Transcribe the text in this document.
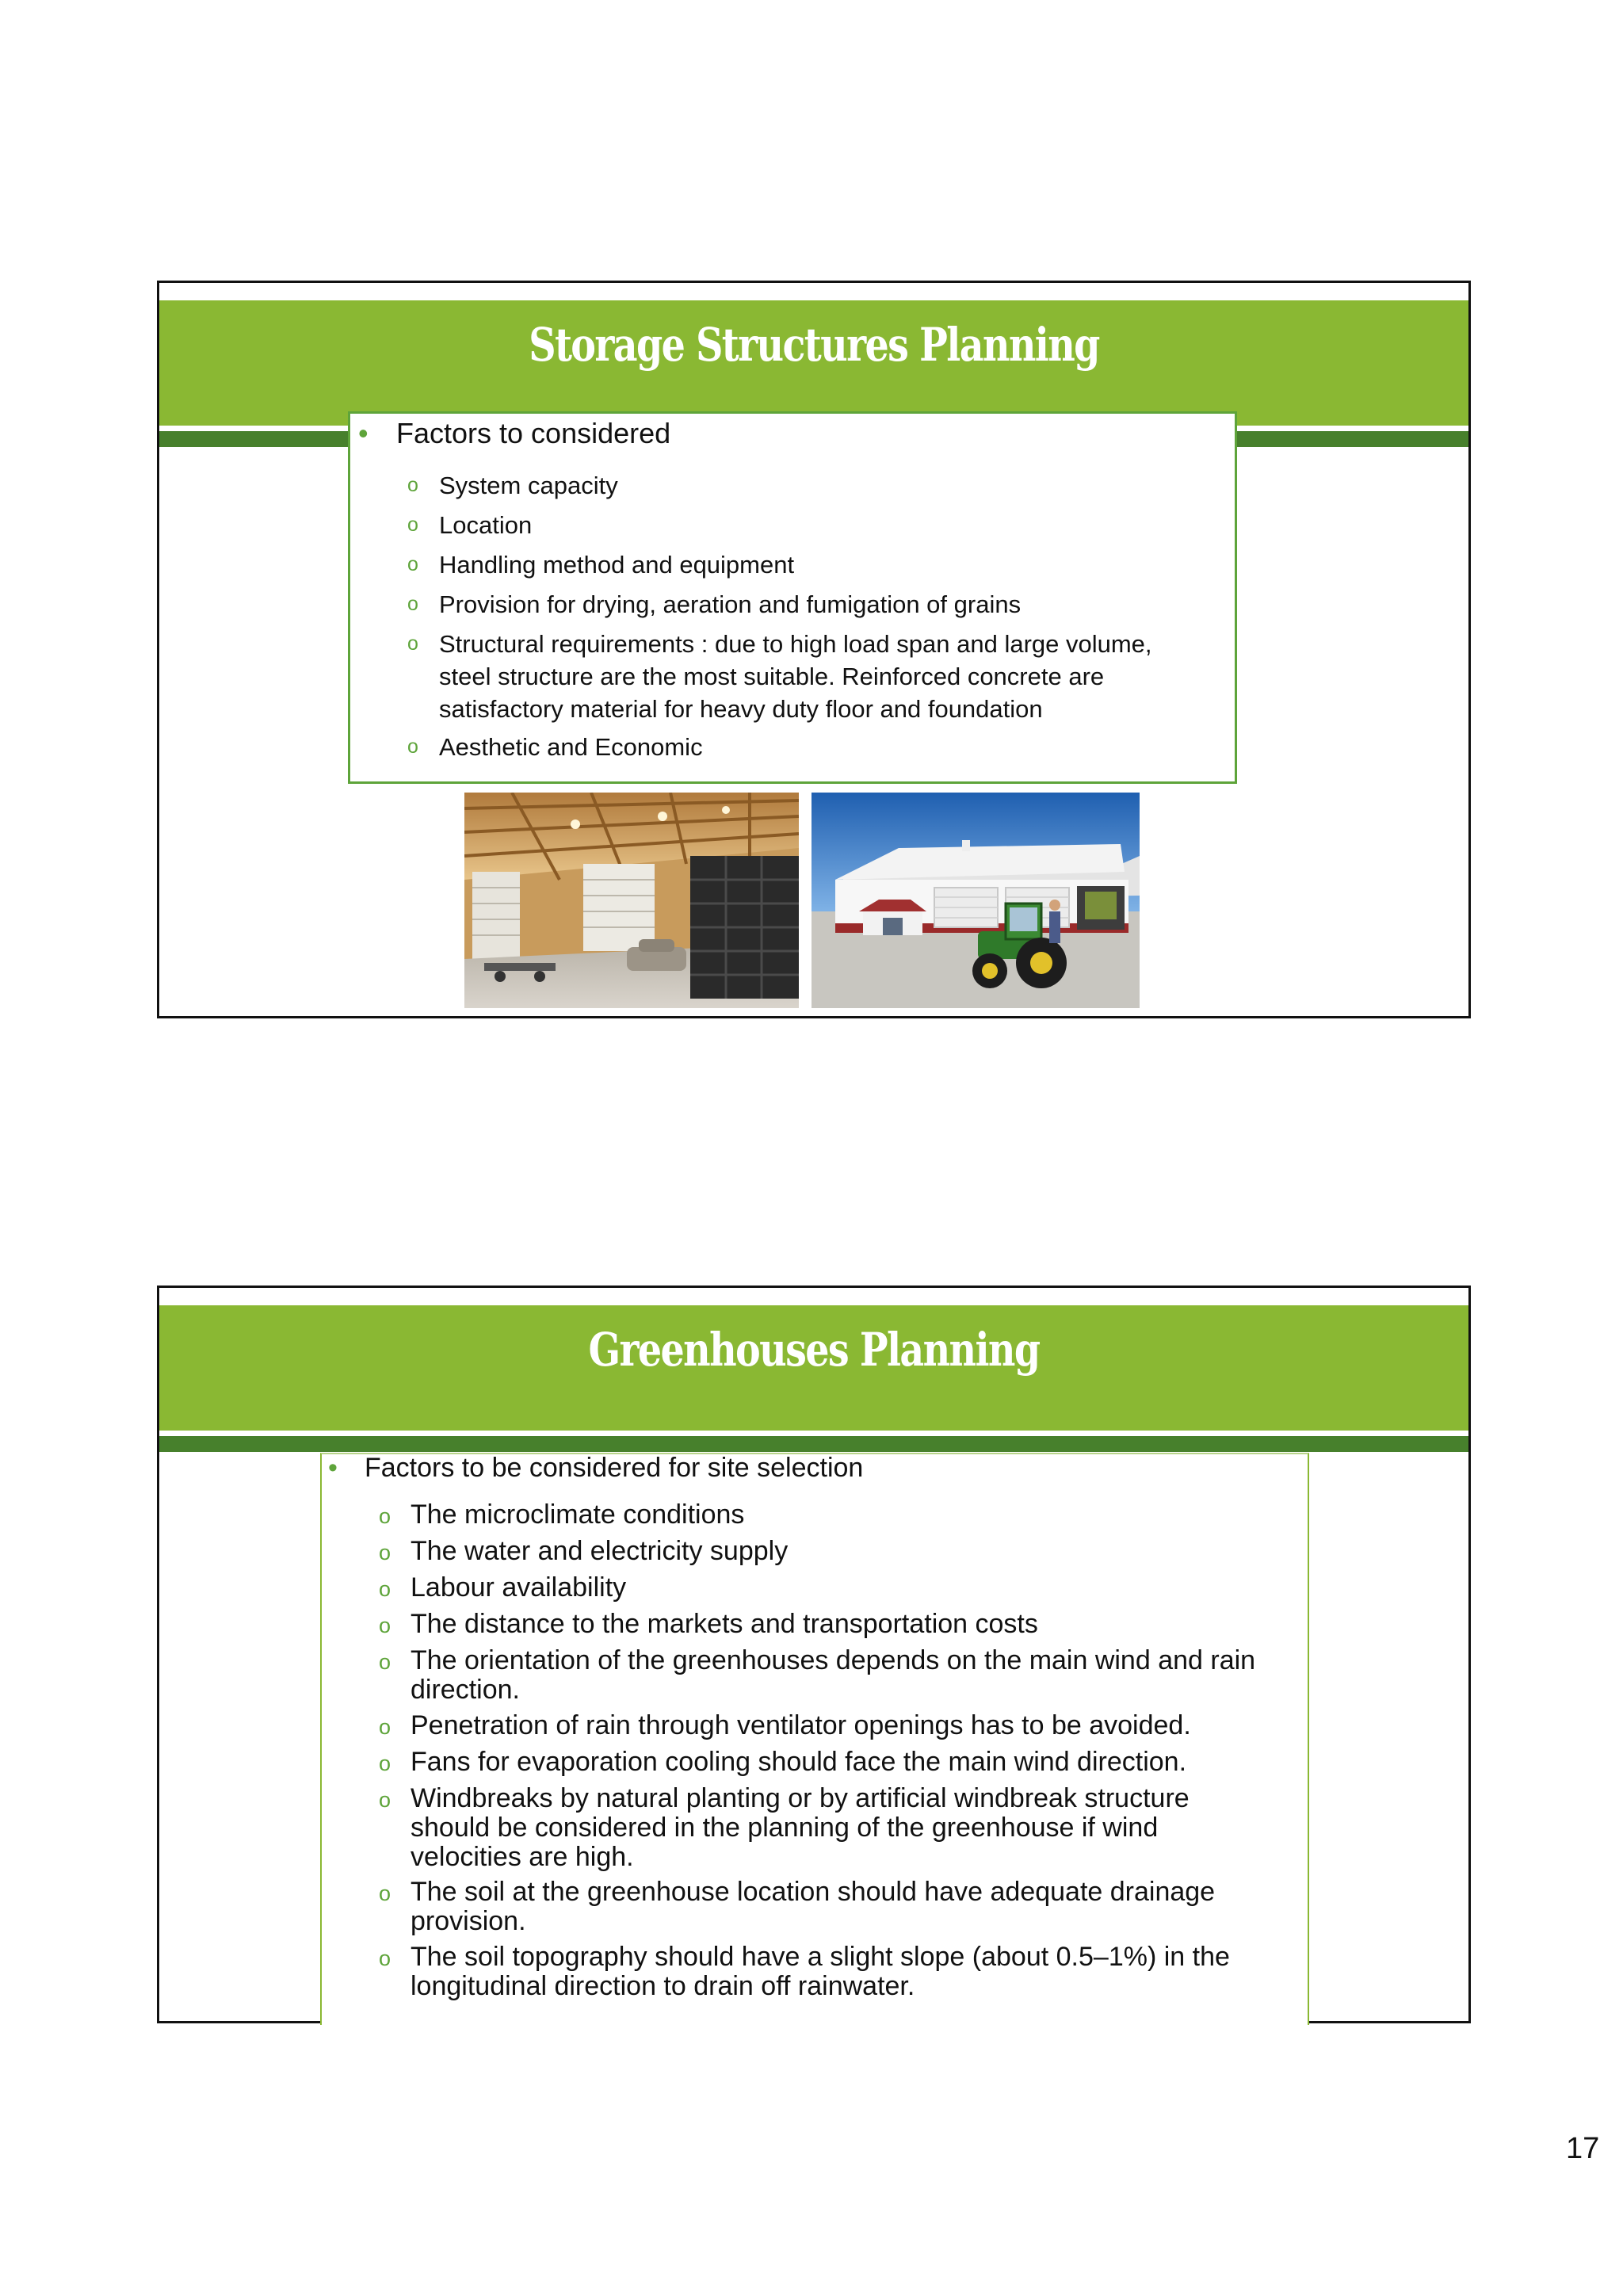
Storage Structures Planning
• Factors to considered
o System capacity
o Location
o Handling method and equipment
o Provision for drying, aeration and fumigation of grains
o Structural requirements : due to high load span and large volume, steel structure are the most suitable. Reinforced concrete are satisfactory material for heavy duty floor and foundation
o Aesthetic and Economic
Greenhouses Planning
• Factors to be considered for site selection
o The microclimate conditions
o The water and electricity supply
o Labour availability
o The distance to the markets and transportation costs
o The orientation of the greenhouses depends on the main wind and rain direction.
o Penetration of rain through ventilator openings has to be avoided.
o Fans for evaporation cooling should face the main wind direction.
o Windbreaks by natural planting or by artificial windbreak structure should be considered in the planning of the greenhouse if wind velocities are high.
o The soil at the greenhouse location should have adequate drainage provision.
o The soil topography should have a slight slope (about 0.5–1%) in the longitudinal direction to drain off rainwater.
17
